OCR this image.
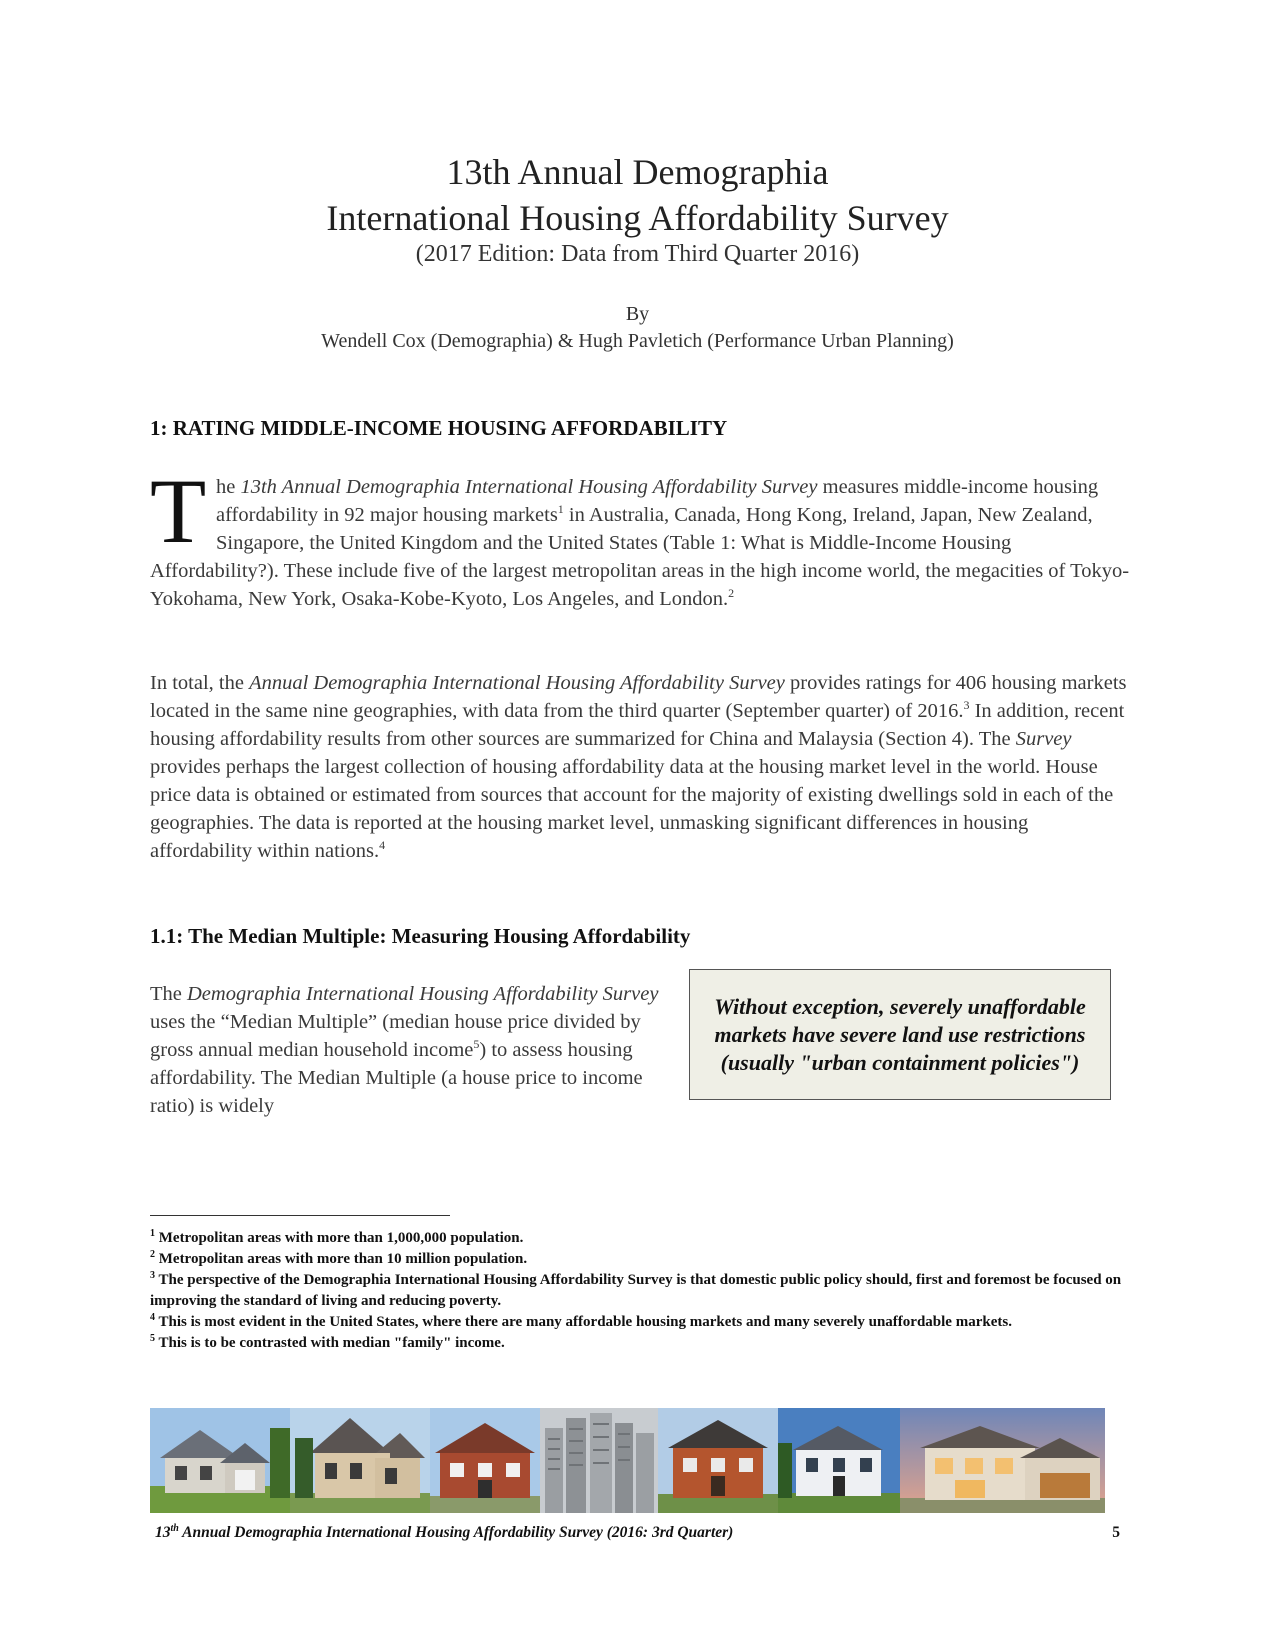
13th Annual Demographia
International Housing Affordability Survey
(2017 Edition: Data from Third Quarter 2016)
By
Wendell Cox (Demographia) & Hugh Pavletich (Performance Urban Planning)
1: RATING MIDDLE-INCOME HOUSING AFFORDABILITY
The 13th Annual Demographia International Housing Affordability Survey measures middle-income housing affordability in 92 major housing markets$^1$ in Australia, Canada, Hong Kong, Ireland, Japan, New Zealand, Singapore, the United Kingdom and the United States (Table 1: What is Middle-Income Housing Affordability?). These include five of the largest metropolitan areas in the high income world, the megacities of Tokyo-Yokohama, New York, Osaka-Kobe-Kyoto, Los Angeles, and London.$^2$
In total, the Annual Demographia International Housing Affordability Survey provides ratings for 406 housing markets located in the same nine geographies, with data from the third quarter (September quarter) of 2016.$^3$ In addition, recent housing affordability results from other sources are summarized for China and Malaysia (Section 4). The Survey provides perhaps the largest collection of housing affordability data at the housing market level in the world. House price data is obtained or estimated from sources that account for the majority of existing dwellings sold in each of the geographies. The data is reported at the housing market level, unmasking significant differences in housing affordability within nations.$^4$
1.1: The Median Multiple: Measuring Housing Affordability
The Demographia International Housing Affordability Survey uses the “Median Multiple” (median house price divided by gross annual median household income$^5$) to assess housing affordability. The Median Multiple (a house price to income ratio) is widely
Without exception, severely unaffordable markets have severe land use restrictions (usually "urban containment policies")
$^1$ Metropolitan areas with more than 1,000,000 population.
$^2$ Metropolitan areas with more than 10 million population.
$^3$ The perspective of the Demographia International Housing Affordability Survey is that domestic public policy should, first and foremost be focused on improving the standard of living and reducing poverty.
$^4$ This is most evident in the United States, where there are many affordable housing markets and many severely unaffordable markets.
$^5$ This is to be contrasted with median "family" income.
13th Annual Demographia International Housing Affordability Survey (2016: 3rd Quarter)	5
